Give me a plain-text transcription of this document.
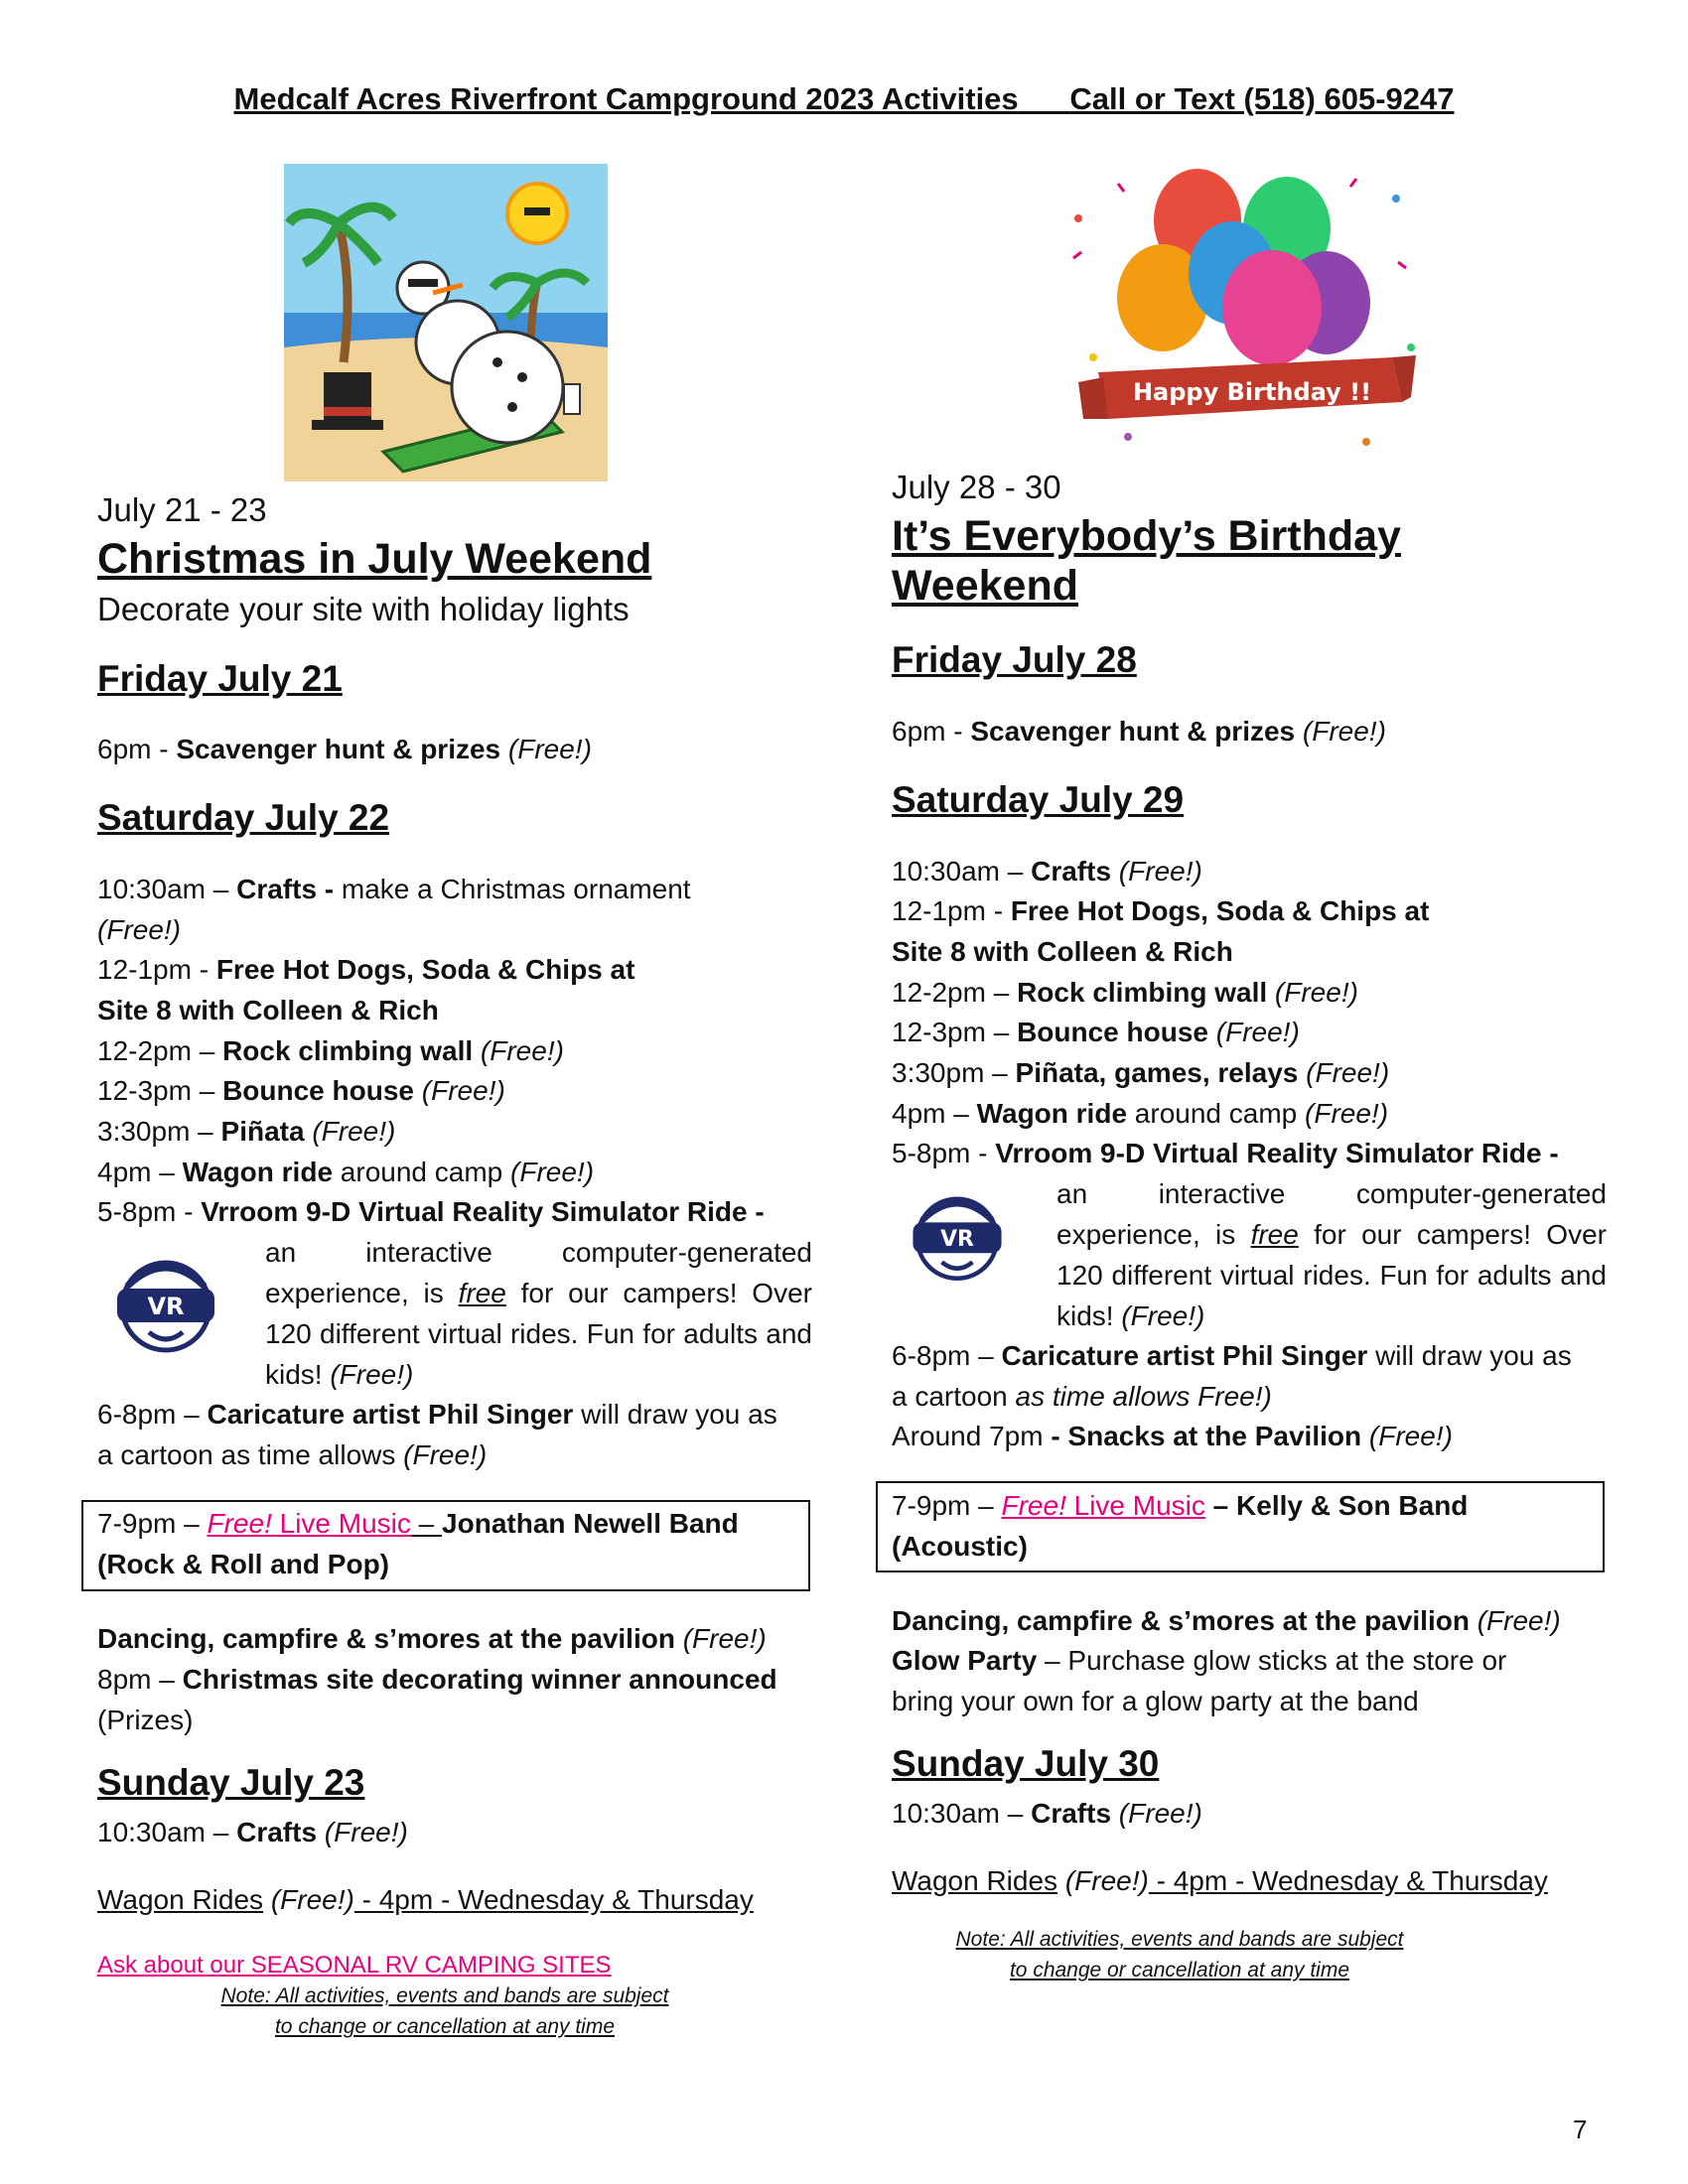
Medcalf Acres Riverfront Campground 2023 Activities Call or Text (518) 605-9247
July 21 - 23
Christmas in July Weekend
Decorate your site with holiday lights
Friday July 21
6pm - Scavenger hunt & prizes (Free!)
Saturday July 22
10:30am – Crafts - make a Christmas ornament
(Free!)
12-1pm - Free Hot Dogs, Soda & Chips at
Site 8 with Colleen & Rich
12-2pm – Rock climbing wall (Free!)
12-3pm – Bounce house (Free!)
3:30pm – Piñata (Free!)
4pm – Wagon ride around camp (Free!)
5-8pm - Vrroom 9-D Virtual Reality Simulator Ride -
VR
an interactive computer-generated experience, is free for our campers! Over 120 different virtual rides. Fun for adults and kids! (Free!)
6-8pm – Caricature artist Phil Singer will draw you as
a cartoon as time allows (Free!)
7-9pm – Free! Live Music – Jonathan Newell Band
(Rock & Roll and Pop)
Dancing, campfire & s’mores at the pavilion (Free!)
8pm – Christmas site decorating winner announced
(Prizes)
Sunday July 23
10:30am – Crafts (Free!)
Wagon Rides (Free!) - 4pm - Wednesday & Thursday
Ask about our SEASONAL RV CAMPING SITES
Note: All activities, events and bands are subject
to change or cancellation at any time
Happy Birthday !!
July 28 - 30
It’s Everybody’s Birthday
Weekend
Friday July 28
6pm - Scavenger hunt & prizes (Free!)
Saturday July 29
10:30am – Crafts (Free!)
12-1pm - Free Hot Dogs, Soda & Chips at
Site 8 with Colleen & Rich
12-2pm – Rock climbing wall (Free!)
12-3pm – Bounce house (Free!)
3:30pm – Piñata, games, relays (Free!)
4pm – Wagon ride around camp (Free!)
5-8pm - Vrroom 9-D Virtual Reality Simulator Ride -
VR
an interactive computer-generated experience, is free for our campers! Over 120 different virtual rides. Fun for adults and kids! (Free!)
6-8pm – Caricature artist Phil Singer will draw you as
a cartoon as time allows Free!)
Around 7pm - Snacks at the Pavilion (Free!)
7-9pm – Free! Live Music – Kelly & Son Band
(Acoustic)
Dancing, campfire & s’mores at the pavilion (Free!)
Glow Party – Purchase glow sticks at the store or
bring your own for a glow party at the band
Sunday July 30
10:30am – Crafts (Free!)
Wagon Rides (Free!) - 4pm - Wednesday & Thursday
Note: All activities, events and bands are subject
to change or cancellation at any time
7
